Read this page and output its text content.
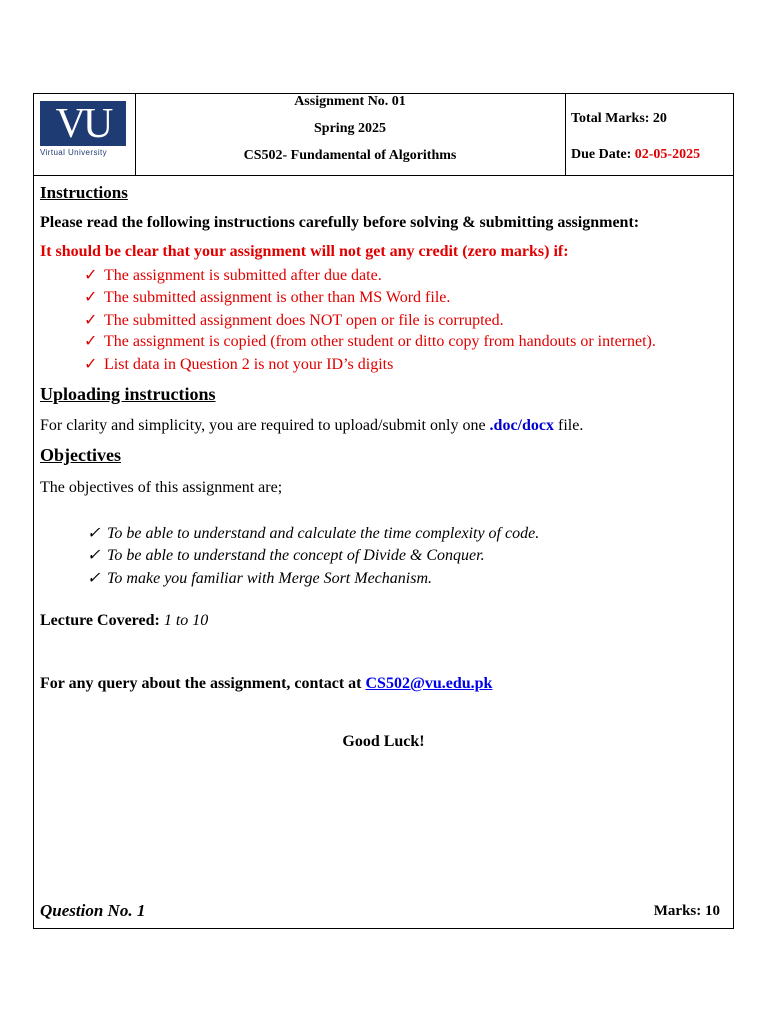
VU
Virtual University
Assignment No. 01
Spring 2025
CS502- Fundamental of Algorithms
Total Marks: 20
Due Date: 02-05-2025
Instructions
Please read the following instructions carefully before solving & submitting assignment:
It should be clear that your assignment will not get any credit (zero marks) if:
✓ The assignment is submitted after due date.
✓ The submitted assignment is other than MS Word file.
✓ The submitted assignment does NOT open or file is corrupted.
✓ The assignment is copied (from other student or ditto copy from handouts or internet).
✓ List data in Question 2 is not your ID’s digits
Uploading instructions
For clarity and simplicity, you are required to upload/submit only one .doc/docx file.
Objectives
The objectives of this assignment are;
✓ To be able to understand and calculate the time complexity of code.
✓ To be able to understand the concept of Divide & Conquer.
✓ To make you familiar with Merge Sort Mechanism.
Lecture Covered: 1 to 10
For any query about the assignment, contact at CS502@vu.edu.pk
Good Luck!
Question No. 1	Marks: 10
